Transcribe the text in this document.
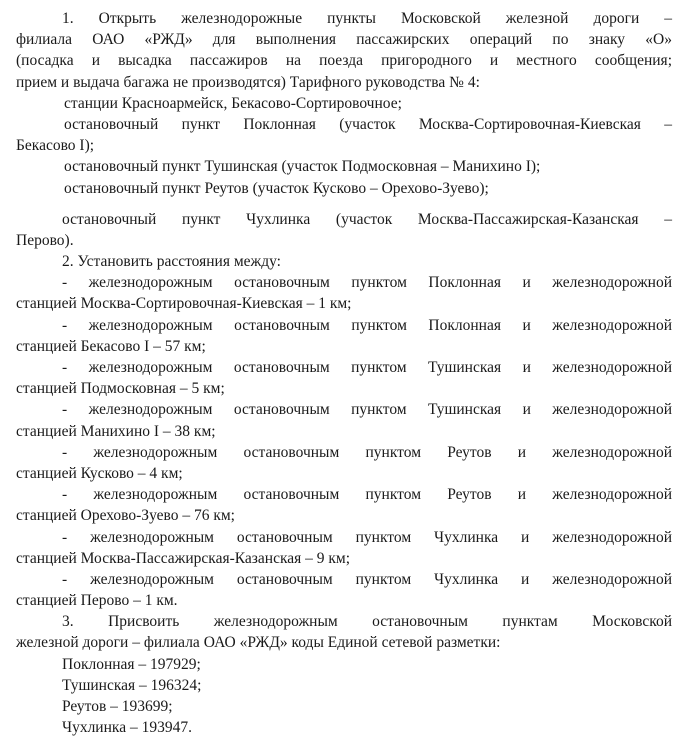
1. Открыть железнодорожные пункты Московской железной дороги –
филиала ОАО «РЖД» для выполнения пассажирских операций по знаку «О»
(посадка и высадка пассажиров на поезда пригородного и местного сообщения;
прием и выдача багажа не производятся) Тарифного руководства № 4:
станции Красноармейск, Бекасово-Сортировочное;
остановочный пункт Поклонная (участок Москва-Сортировочная-Киевская –
Бекасово I);
остановочный пункт Тушинская (участок Подмосковная – Манихино I);
остановочный пункт Реутов (участок Кусково – Орехово-Зуево);
остановочный пункт Чухлинка (участок Москва-Пассажирская-Казанская –
Перово).
2. Установить расстояния между:
- железнодорожным остановочным пунктом Поклонная и железнодорожной
станцией Москва-Сортировочная-Киевская – 1 км;
- железнодорожным остановочным пунктом Поклонная и железнодорожной
станцией Бекасово I – 57 км;
- железнодорожным остановочным пунктом Тушинская и железнодорожной
станцией Подмосковная – 5 км;
- железнодорожным остановочным пунктом Тушинская и железнодорожной
станцией Манихино I – 38 км;
- железнодорожным остановочным пунктом Реутов и железнодорожной
станцией Кусково – 4 км;
- железнодорожным остановочным пунктом Реутов и железнодорожной
станцией Орехово-Зуево – 76 км;
- железнодорожным остановочным пунктом Чухлинка и железнодорожной
станцией Москва-Пассажирская-Казанская – 9 км;
- железнодорожным остановочным пунктом Чухлинка и железнодорожной
станцией Перово – 1 км.
3. Присвоить железнодорожным остановочным пунктам Московской
железной дороги – филиала ОАО «РЖД» коды Единой сетевой разметки:
Поклонная – 197929;
Тушинская – 196324;
Реутов – 193699;
Чухлинка – 193947.
